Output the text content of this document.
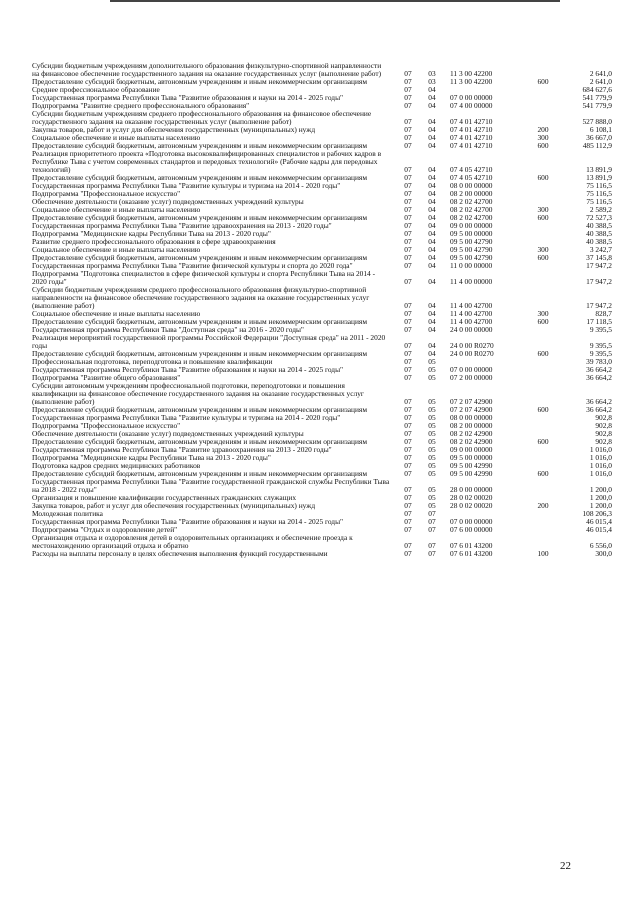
Субсидии бюджетным учреждениям дополнительного образования физкультурно-спортивной направленности на финансовое обеспечение государственного задания на оказание государственных услуг (выполнение работ)	07	03	11 3 00 42200		2 641,0
Предоставление субсидий бюджетным, автономным учреждениям и иным некоммерческим организациям	07	03	11 3 00 42200	600	2 641,0
Среднее профессиональное образование	07	04			684 627,6
Государственная программа Республики Тыва "Развитие образования и науки на 2014 - 2025 годы"	07	04	07 0 00 00000		541 779,9
Подпрограмма "Развитие среднего профессионального образования"	07	04	07 4 00 00000		541 779,9
Субсидии бюджетным учреждениям среднего профессионального образования на финансовое обеспечение государственного задания на оказание государственных услуг (выполнение работ)	07	04	07 4 01 42710		527 888,0
Закупка товаров, работ и услуг для обеспечения государственных (муниципальных) нужд	07	04	07 4 01 42710	200	6 108,1
Социальное обеспечение и иные выплаты населению	07	04	07 4 01 42710	300	36 667,0
Предоставление субсидий бюджетным, автономным учреждениям и иным некоммерческим организациям	07	04	07 4 01 42710	600	485 112,9
Реализация приоритетного проекта «Подготовка высококвалифицированных специалистов и рабочих кадров в Республике Тыва с учетом современных стандартов и передовых технологий» (Рабочие кадры для передовых технологий)	07	04	07 4 05 42710		13 891,9
Предоставление субсидий бюджетным, автономным учреждениям и иным некоммерческим организациям	07	04	07 4 05 42710	600	13 891,9
Государственная программа Республики Тыва "Развитие культуры и туризма на 2014 - 2020 годы"	07	04	08 0 00 00000		75 116,5
Подпрограмма "Профессиональное искусство"	07	04	08 2 00 00000		75 116,5
Обеспечение деятельности (оказание услуг) подведомственных учреждений культуры	07	04	08 2 02 42700		75 116,5
Социальное обеспечение и иные выплаты населению	07	04	08 2 02 42700	300	2 589,2
Предоставление субсидий бюджетным, автономным учреждениям и иным некоммерческим организациям	07	04	08 2 02 42700	600	72 527,3
Государственная программа Республики Тыва "Развитие здравоохранения на 2013 - 2020 годы"	07	04	09 0 00 00000		40 388,5
Подпрограмма "Медицинские кадры Республики Тыва на 2013 - 2020 годы"	07	04	09 5 00 00000		40 388,5
Развитие среднего профессионального образования в сфере здравоохранения	07	04	09 5 00 42790		40 388,5
Социальное обеспечение и иные выплаты населению	07	04	09 5 00 42790	300	3 242,7
Предоставление субсидий бюджетным, автономным учреждениям и иным некоммерческим организациям	07	04	09 5 00 42790	600	37 145,8
Государственная программа Республики Тыва "Развитие физической культуры и спорта до 2020 года"	07	04	11 0 00 00000		17 947,2
Подпрограмма "Подготовка специалистов в сфере физической культуры и спорта Республики Тыва на 2014 - 2020 годы"	07	04	11 4 00 00000		17 947,2
Субсидии бюджетным учреждениям среднего профессионального образования физкультурно-спортивной направленности на финансовое обеспечение государственного задания на оказание государственных услуг (выполнение работ)	07	04	11 4 00 42700		17 947,2
Социальное обеспечение и иные выплаты населению	07	04	11 4 00 42700	300	828,7
Предоставление субсидий бюджетным, автономным учреждениям и иным некоммерческим организациям	07	04	11 4 00 42700	600	17 118,5
Государственная программа Республики Тыва "Доступная среда" на 2016 - 2020 годы"	07	04	24 0 00 00000		9 395,5
Реализация мероприятий государственной программы Российской Федерации "Доступная среда" на 2011 - 2020 годы	07	04	24 0 00 R0270		9 395,5
Предоставление субсидий бюджетным, автономным учреждениям и иным некоммерческим организациям	07	04	24 0 00 R0270	600	9 395,5
Профессиональная подготовка, переподготовка и повышение квалификации	07	05			39 783,0
Государственная программа Республики Тыва "Развитие образования и науки на 2014 - 2025 годы"	07	05	07 0 00 00000		36 664,2
Подпрограмма "Развитие общего образования"	07	05	07 2 00 00000		36 664,2
Субсидии автономным учреждениям профессиональной подготовки, переподготовки и повышения квалификации на финансовое обеспечение государственного задания на оказание государственных услуг (выполнение работ)	07	05	07 2 07 42900		36 664,2
Предоставление субсидий бюджетным, автономным учреждениям и иным некоммерческим организациям	07	05	07 2 07 42900	600	36 664,2
Государственная программа Республики Тыва "Развитие культуры и туризма на 2014 - 2020 годы"	07	05	08 0 00 00000		902,8
Подпрограмма "Профессиональное искусство"	07	05	08 2 00 00000		902,8
Обеспечение деятельности (оказание услуг) подведомственных учреждений культуры	07	05	08 2 02 42900		902,8
Предоставление субсидий бюджетным, автономным учреждениям и иным некоммерческим организациям	07	05	08 2 02 42900	600	902,8
Государственная программа Республики Тыва "Развитие здравоохранения на 2013 - 2020 годы"	07	05	09 0 00 00000		1 016,0
Подпрограмма "Медицинские кадры Республики Тыва на 2013 - 2020 годы"	07	05	09 5 00 00000		1 016,0
Подготовка кадров средних медицинских работников	07	05	09 5 00 42990		1 016,0
Предоставление субсидий бюджетным, автономным учреждениям и иным некоммерческим организациям	07	05	09 5 00 42990	600	1 016,0
Государственная программа Республики Тыва "Развитие государственной гражданской службы Республики Тыва на 2018 - 2022 годы"	07	05	28 0 00 00000		1 200,0
Организация и повышение квалификации государственных гражданских служащих	07	05	28 0 02 00020		1 200,0
Закупка товаров, работ и услуг для обеспечения государственных (муниципальных) нужд	07	05	28 0 02 00020	200	1 200,0
Молодежная политика	07	07			108 206,3
Государственная программа Республики Тыва "Развитие образования и науки на 2014 - 2025 годы"	07	07	07 0 00 00000		46 015,4
Подпрограмма "Отдых и оздоровление детей"	07	07	07 6 00 00000		46 015,4
Организация отдыха и оздоровления детей в оздоровительных организациях и обеспечение проезда к местонахождению организаций отдыха и обратно	07	07	07 6 01 43200		6 556,0
Расходы на выплаты персоналу в целях обеспечения выполнения функций государственными	07	07	07 6 01 43200	100	300,0
22
